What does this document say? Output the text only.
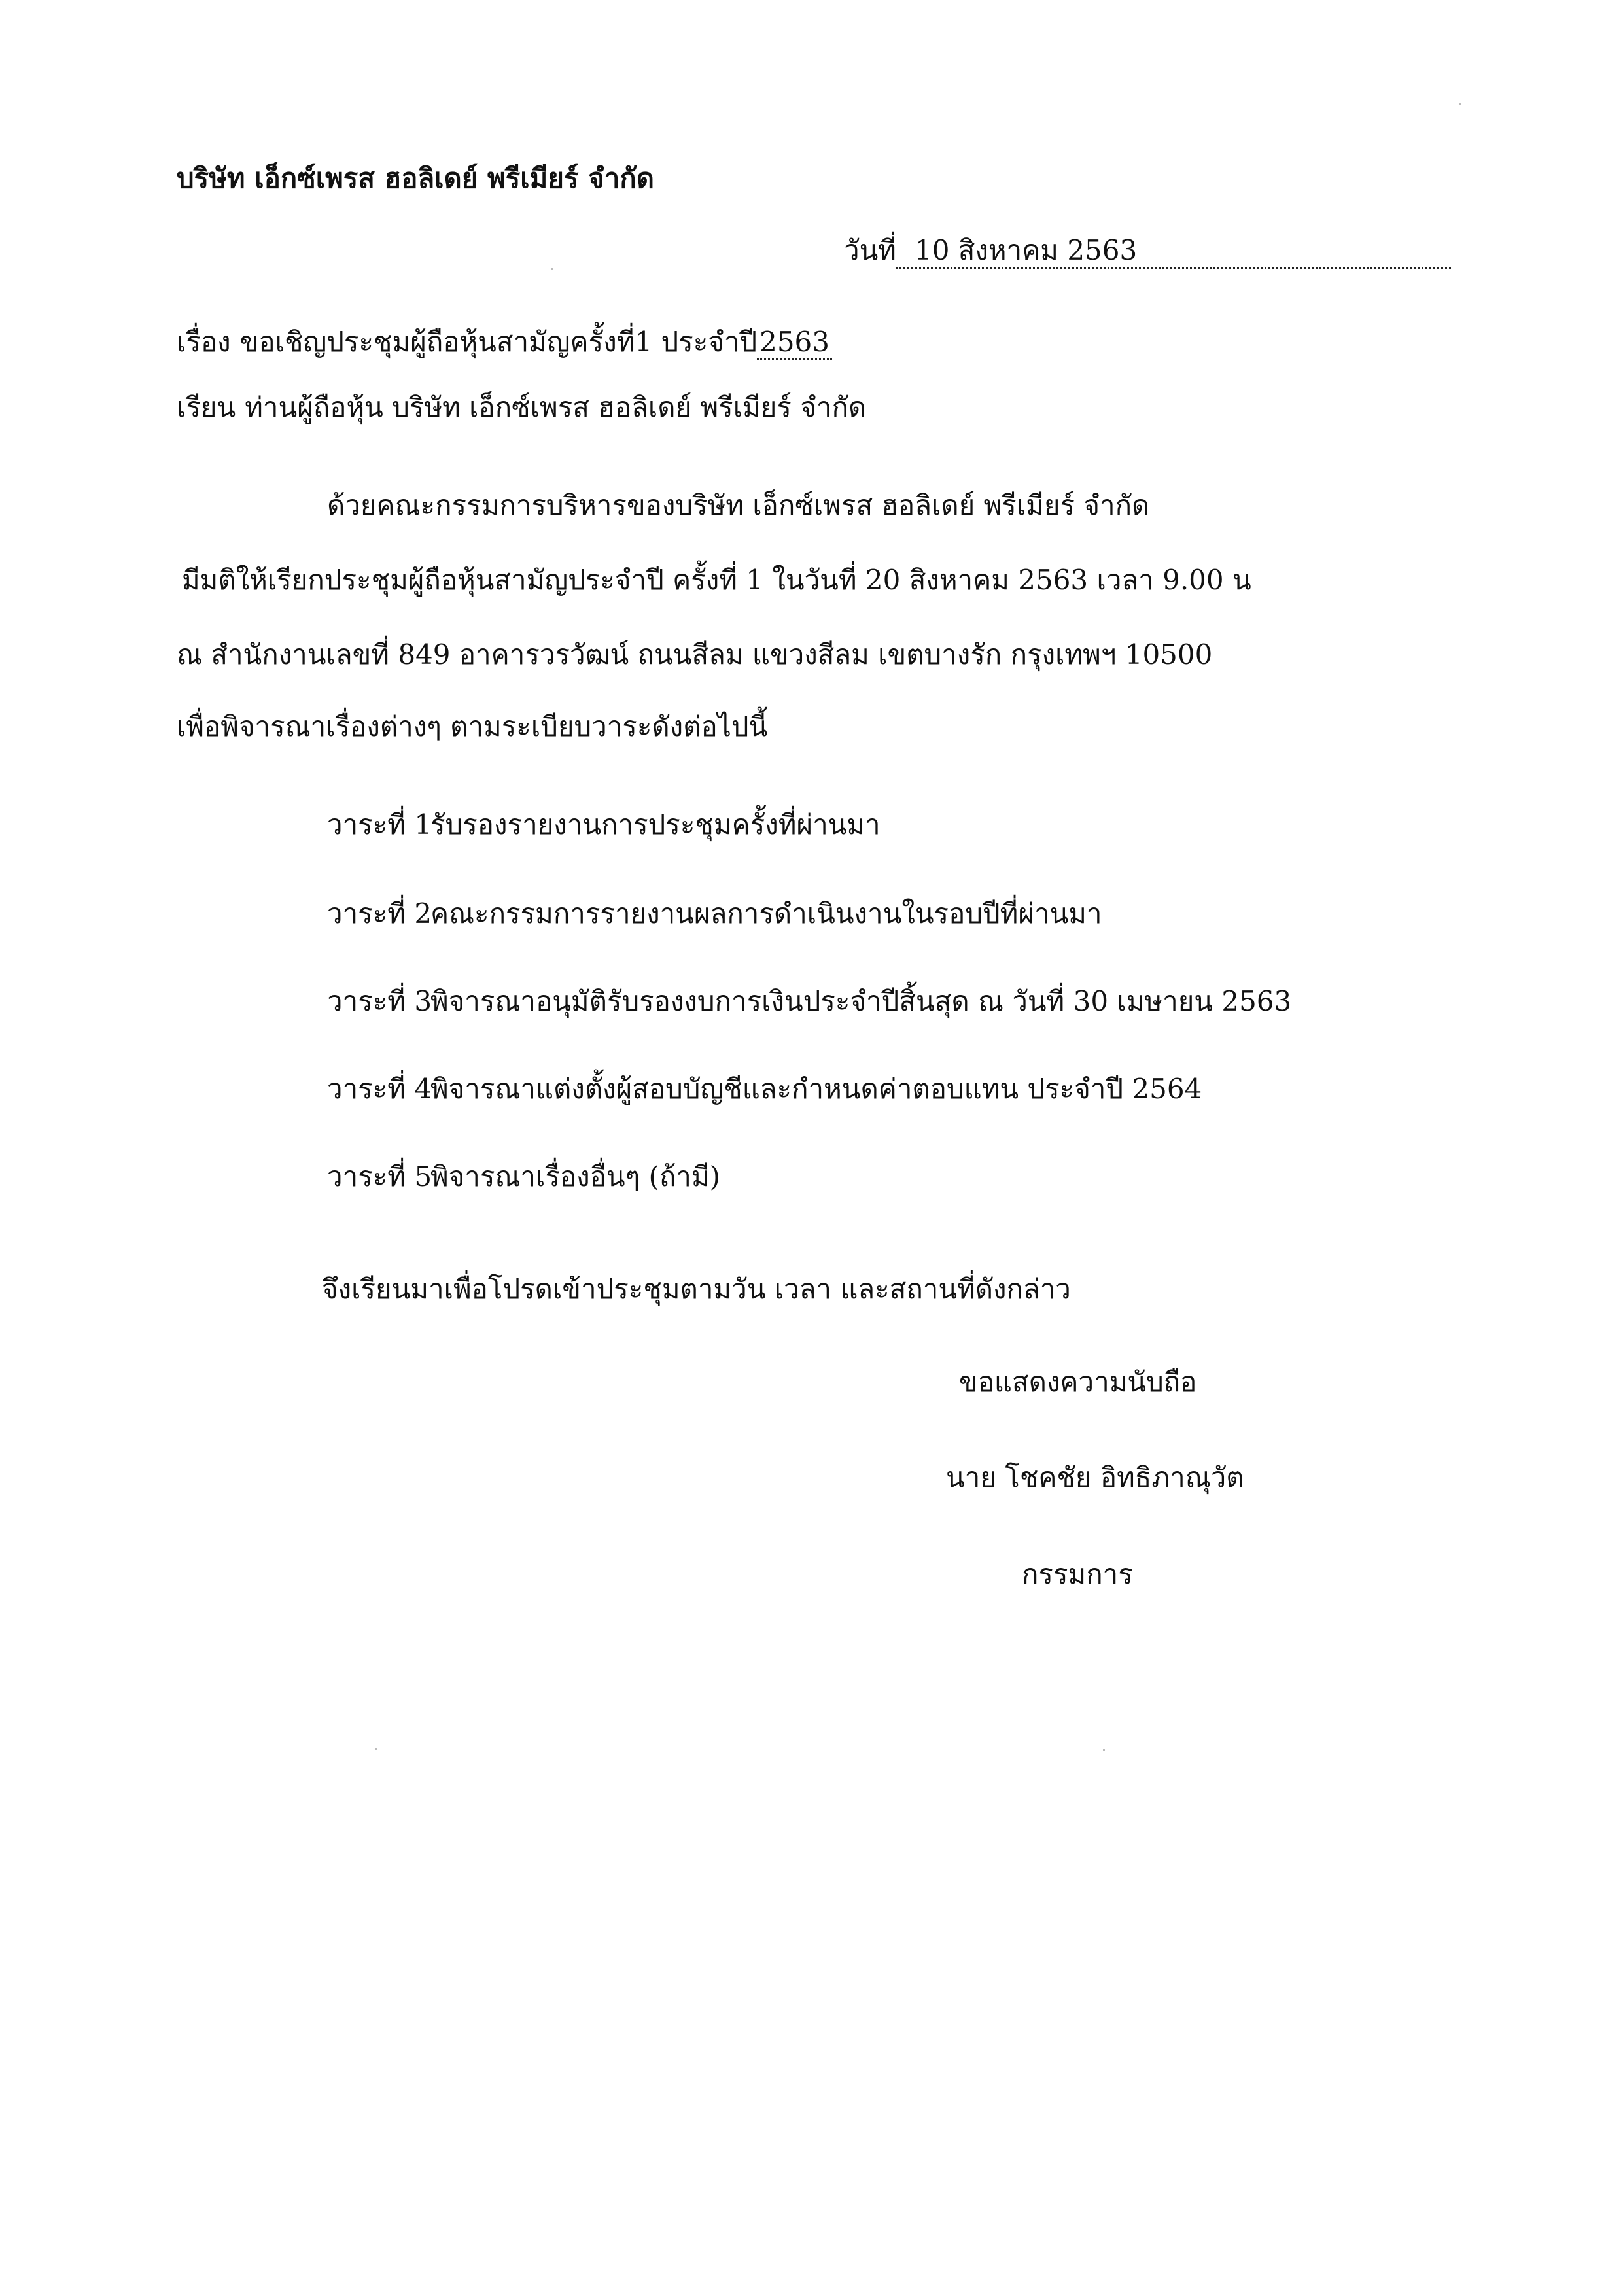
บริษัท เอ็กซ์เพรส ฮอลิเดย์ พรีเมียร์ จำกัด
วันที่ 10 สิงหาคม 2563
เรื่อง ขอเชิญประชุมผู้ถือหุ้นสามัญครั้งที่1 ประจำปี2563
เรียน ท่านผู้ถือหุ้น บริษัท เอ็กซ์เพรส ฮอลิเดย์ พรีเมียร์ จำกัด
ด้วยคณะกรรมการบริหารของบริษัท เอ็กซ์เพรส ฮอลิเดย์ พรีเมียร์ จำกัด
มีมติให้เรียกประชุมผู้ถือหุ้นสามัญประจำปี ครั้งที่ 1 ในวันที่ 20 สิงหาคม 2563 เวลา 9.00 น
ณ สำนักงานเลขที่ 849 อาคารวรวัฒน์ ถนนสีลม แขวงสีลม เขตบางรัก กรุงเทพฯ 10500
เพื่อพิจารณาเรื่องต่างๆ ตามระเบียบวาระดังต่อไปนี้
วาระที่ 1รับรองรายงานการประชุมครั้งที่ผ่านมา
วาระที่ 2คณะกรรมการรายงานผลการดำเนินงานในรอบปีที่ผ่านมา
วาระที่ 3พิจารณาอนุมัติรับรองงบการเงินประจำปีสิ้นสุด ณ วันที่ 30 เมษายน 2563
วาระที่ 4พิจารณาแต่งตั้งผู้สอบบัญชีและกำหนดค่าตอบแทน ประจำปี 2564
วาระที่ 5พิจารณาเรื่องอื่นๆ (ถ้ามี)
จึงเรียนมาเพื่อโปรดเข้าประชุมตามวัน เวลา และสถานที่ดังกล่าว
ขอแสดงความนับถือ
นาย โชคชัย อิทธิภาณุวัต
กรรมการ
